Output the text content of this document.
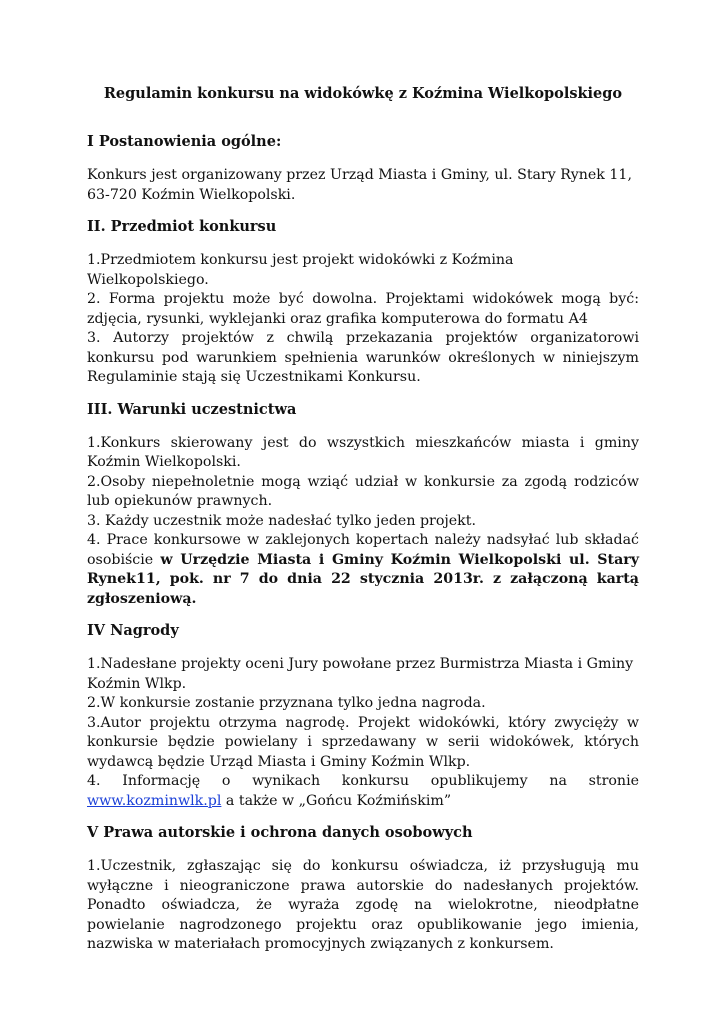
Regulamin konkursu na widokówkę z Koźmina Wielkopolskiego
I Postanowienia ogólne:

Konkurs jest organizowany przez Urząd Miasta i Gminy, ul. Stary Rynek 11, 63-720 Koźmin Wielkopolski.

II. Przedmiot konkursu

1.Przedmiotem konkursu jest projekt widokówki z Koźmina Wielkopolskiego.

2. Forma projektu może być dowolna. Projektami widokówek mogą być: zdjęcia, rysunki, wyklejanki oraz grafika komputerowa do formatu A4

3. Autorzy projektów z chwilą przekazania projektów organizatorowi konkursu pod warunkiem spełnienia warunków określonych w niniejszym Regulaminie stają się Uczestnikami Konkursu.

III. Warunki uczestnictwa

1.Konkurs skierowany jest do wszystkich mieszkańców miasta i gminy Koźmin Wielkopolski.

2.Osoby niepełnoletnie mogą wziąć udział w konkursie za zgodą rodziców lub opiekunów prawnych.

3. Każdy uczestnik może nadesłać tylko jeden projekt.

4. Prace konkursowe w zaklejonych kopertach należy nadsyłać lub składać osobiście w Urzędzie Miasta i Gminy Koźmin Wielkopolski ul. Stary Rynek11, pok. nr 7 do dnia 22 stycznia 2013r. z załączoną kartą zgłoszeniową.

IV Nagrody

1.Nadesłane projekty oceni Jury powołane przez Burmistrza Miasta i Gminy Koźmin Wlkp.

2.W konkursie zostanie przyznana tylko jedna nagroda.

3.Autor projektu otrzyma nagrodę. Projekt widokówki, który zwycięży w konkursie będzie powielany i sprzedawany w serii widokówek, których wydawcą będzie Urząd Miasta i Gminy Koźmin Wlkp.

4. Informację o wynikach konkursu opublikujemy na stronie www.kozminwlk.pl a także w „Gońcu Koźmińskim”

V Prawa autorskie i ochrona danych osobowych

1.Uczestnik, zgłaszając się do konkursu oświadcza, iż przysługują mu wyłączne i nieograniczone prawa autorskie do nadesłanych projektów. Ponadto oświadcza, że wyraża zgodę na wielokrotne, nieodpłatne powielanie nagrodzonego projektu oraz opublikowanie jego imienia, nazwiska w materiałach promocyjnych związanych z konkursem.
